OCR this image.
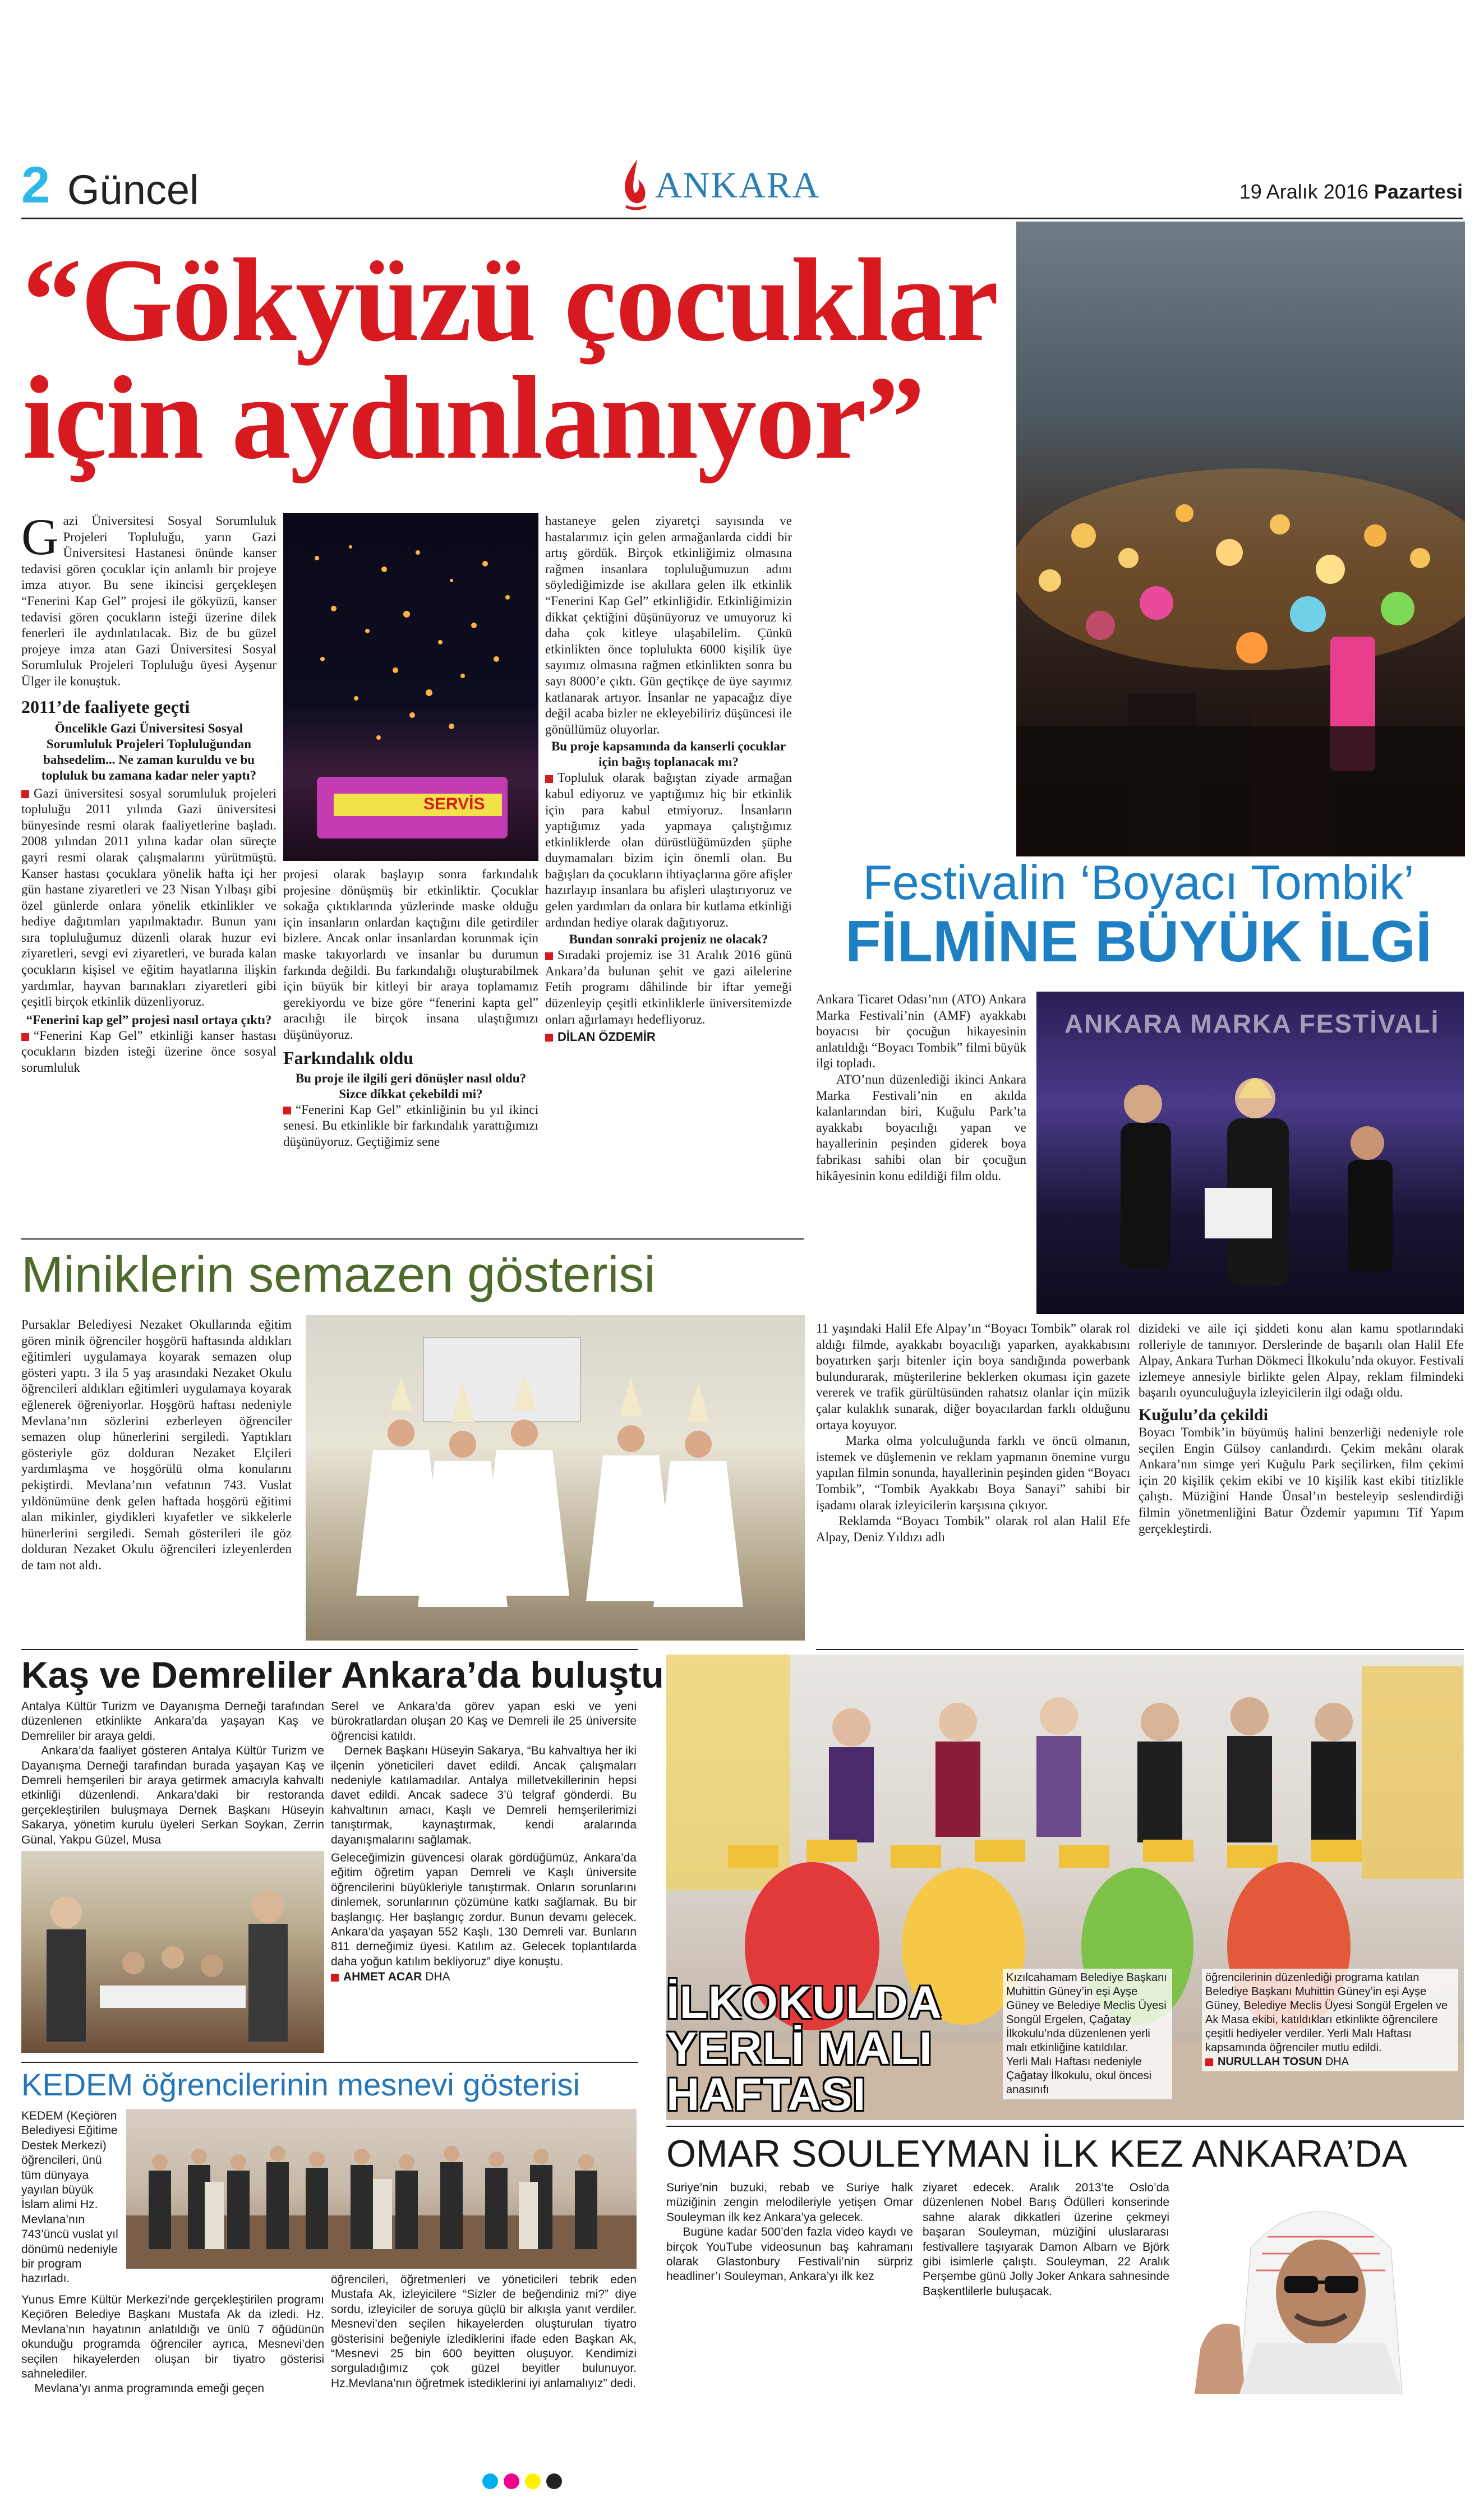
2 Güncel	ANKARA	19 Aralık 2016 Pazartesi
“Gökyüzü çocuklar
için aydınlanıyor”
Gazi Üniversitesi Sosyal Sorumluluk Projeleri Topluluğu, yarın Gazi Üniversitesi Hastanesi önünde kanser tedavisi gören çocuklar için anlamlı bir projeye imza atıyor. Bu sene ikincisi gerçekleşen “Fenerini Kap Gel” projesi ile gökyüzü, kanser tedavisi gören çocukların isteği üzerine dilek fenerleri ile aydınlatılacak. Biz de bu güzel projeye imza atan Gazi Üniversitesi Sosyal Sorumluluk Projeleri Topluluğu üyesi Ayşenur Ülger ile konuştuk.
2011’de faaliyete geçti
Öncelikle Gazi Üniversitesi Sosyal Sorumluluk Projeleri Topluluğundan bahsedelim... Ne zaman kuruldu ve bu topluluk bu zamana kadar neler yaptı?
Gazi üniversitesi sosyal sorumluluk projeleri topluluğu 2011 yılında Gazi üniversitesi bünyesinde resmi olarak faaliyetlerine başladı. 2008 yılından 2011 yılına kadar olan süreçte gayri resmi olarak çalışmalarını yürütmüştü. Kanser hastası çocuklara yönelik hafta içi her gün hastane ziyaretleri ve 23 Nisan Yılbaşı gibi özel günlerde onlara yönelik etkinlikler ve hediye dağıtımları yapılmaktadır. Bunun yanı sıra topluluğumuz düzenli olarak huzur evi ziyaretleri, sevgi evi ziyaretleri, ve burada kalan çocukların kişisel ve eğitim hayatlarına ilişkin yardımlar, hayvan barınakları ziyaretleri gibi çeşitli birçok etkinlik düzenliyoruz.
“Fenerini kap gel” projesi nasıl ortaya çıktı?
“Fenerini Kap Gel” etkinliği kanser hastası çocukların bizden isteği üzerine önce sosyal sorumluluk
SERVİS
projesi olarak başlayıp sonra farkındalık projesine dönüşmüş bir etkinliktir. Çocuklar sokağa çıktıklarında yüzlerinde maske olduğu için insanların onlardan kaçtığını dile getirdiler bizlere. Ancak onlar insanlardan korunmak için maske takıyorlardı ve insanlar bu durumun farkında değildi. Bu farkındalığı oluşturabilmek için büyük bir kitleyi bir araya toplamamız gerekiyordu ve bize göre “fenerini kapta gel” aracılığı ile birçok insana ulaştığımızı düşünüyoruz.
Farkındalık oldu
Bu proje ile ilgili geri dönüşler nasıl oldu? Sizce dikkat çekebildi mi?
“Fenerini Kap Gel” etkinliğinin bu yıl ikinci senesi. Bu etkinlikle bir farkındalık yarattığımızı düşünüyoruz. Geçtiğimiz sene
hastaneye gelen ziyaretçi sayısında ve hastalarımız için gelen armağanlarda ciddi bir artış gördük. Birçok etkinliğimiz olmasına rağmen insanlara topluluğumuzun adını söylediğimizde ise akıllara gelen ilk etkinlik “Fenerini Kap Gel” etkinliğidir. Etkinliğimizin dikkat çektiğini düşünüyoruz ve umuyoruz ki daha çok kitleye ulaşabilelim. Çünkü etkinlikten önce toplulukta 6000 kişilik üye sayımız olmasına rağmen etkinlikten sonra bu sayı 8000’e çıktı. Gün geçtikçe de üye sayımız katlanarak artıyor. İnsanlar ne yapacağız diye değil acaba bizler ne ekleyebiliriz düşüncesi ile gönüllümüz oluyorlar.
Bu proje kapsamında da kanserli çocuklar için bağış toplanacak mı?
Topluluk olarak bağıştan ziyade armağan kabul ediyoruz ve yaptığımız hiç bir etkinlik için para kabul etmiyoruz. İnsanların yaptığımız yada yapmaya çalıştığımız etkinliklerde olan dürüstlüğümüzden şüphe duymamaları bizim için önemli olan. Bu bağışları da çocukların ihtiyaçlarına göre afişler hazırlayıp insanlara bu afişleri ulaştırıyoruz ve gelen yardımları da onlara bir kutlama etkinliği ardından hediye olarak dağıtıyoruz.
Bundan sonraki projeniz ne olacak?
Sıradaki projemiz ise 31 Aralık 2016 günü Ankara’da bulunan şehit ve gazi ailelerine Fetih programı dâhilinde bir iftar yemeği düzenleyip çeşitli etkinliklerle üniversitemizde onları ağırlamayı hedefliyoruz.
DİLAN ÖZDEMİR
Festivalin ‘Boyacı Tombik’
FİLMİNE BÜYÜK İLGİ
Ankara Ticaret Odası’nın (ATO) Ankara Marka Festivali’nin (AMF) ayakkabı boyacısı bir çocuğun hikayesinin anlatıldığı “Boyacı Tombik” filmi büyük ilgi topladı.
ATO’nun düzenlediği ikinci Ankara Marka Festivali’nin en akılda kalanlarından biri, Kuğulu Park’ta ayakkabı boyacılığı yapan ve hayallerinin peşinden giderek boya fabrikası sahibi olan bir çocuğun hikâyesinin konu edildiği film oldu.
ANKARA MARKA FESTİVALİ
11 yaşındaki Halil Efe Alpay’ın “Boyacı Tombik” olarak rol aldığı filmde, ayakkabı boyacılığı yaparken, ayakkabısını boyatırken şarjı bitenler için boya sandığında powerbank bulundurarak, müşterilerine beklerken okuması için gazete vererek ve trafik gürültüsünden rahatsız olanlar için müzik çalar kulaklık sunarak, diğer boyacılardan farklı olduğunu ortaya koyuyor.
Marka olma yolculuğunda farklı ve öncü olmanın, istemek ve düşlemenin ve reklam yapmanın önemine vurgu yapılan filmin sonunda, hayallerinin peşinden giden “Boyacı Tombik”, “Tombik Ayakkabı Boya Sanayi” sahibi bir işadamı olarak izleyicilerin karşısına çıkıyor.
Reklamda “Boyacı Tombik” olarak rol alan Halil Efe Alpay, Deniz Yıldızı adlı
dizideki ve aile içi şiddeti konu alan kamu spotlarındaki rolleriyle de tanınıyor. Derslerinde de başarılı olan Halil Efe Alpay, Ankara Turhan Dökmeci İlkokulu’nda okuyor. Festivali izlemeye annesiyle birlikte gelen Alpay, reklam filmindeki başarılı oyunculuğuyla izleyicilerin ilgi odağı oldu.
Kuğulu’da çekildi
Boyacı Tombik’in büyümüş halini benzerliği nedeniyle role seçilen Engin Gülsoy canlandırdı. Çekim mekânı olarak Ankara’nın simge yeri Kuğulu Park seçilirken, film çekimi için 20 kişilik çekim ekibi ve 10 kişilik kast ekibi titizlikle çalıştı. Müziğini Hande Ünsal’ın besteleyip seslendirdiği filmin yönetmenliğini Batur Özdemir yapımını Tif Yapım gerçekleştirdi.
Miniklerin semazen gösterisi
Pursaklar Belediyesi Nezaket Okullarında eğitim gören minik öğrenciler hoşgörü haftasında aldıkları eğitimleri uygulamaya koyarak semazen olup gösteri yaptı. 3 ila 5 yaş arasındaki Nezaket Okulu öğrencileri aldıkları eğitimleri uygulamaya koyarak eğlenerek öğreniyorlar. Hoşgörü haftası nedeniyle Mevlana’nın sözlerini ezberleyen öğrenciler semazen olup hünerlerini sergiledi. Yaptıkları gösteriyle göz dolduran Nezaket Elçileri yardımlaşma ve hoşgörülü olma konularını pekiştirdi. Mevlana’nın vefatının 743. Vuslat yıldönümüne denk gelen haftada hoşgörü eğitimi alan mikinler, giydikleri kıyafetler ve sikkelerle hünerlerini sergiledi. Semah gösterileri ile göz dolduran Nezaket Okulu öğrencileri izleyenlerden de tam not aldı.
Kaş ve Demreliler Ankara’da buluştu
Antalya Kültür Turizm ve Dayanışma Derneği tarafından düzenlenen etkinlikte Ankara’da yaşayan Kaş ve Demreliler bir araya geldi.
Ankara’da faaliyet gösteren Antalya Kültür Turizm ve Dayanışma Derneği tarafından burada yaşayan Kaş ve Demreli hemşerileri bir araya getirmek amacıyla kahvaltı etkinliği düzenlendi. Ankara’daki bir restoranda gerçekleştirilen buluşmaya Dernek Başkanı Hüseyin Sakarya, yönetim kurulu üyeleri Serkan Soykan, Zerrin Günal, Yakpu Güzel, Musa
Serel ve Ankara’da görev yapan eski ve yeni bürokratlardan oluşan 20 Kaş ve Demreli ile 25 üniversite öğrencisi katıldı.
Dernek Başkanı Hüseyin Sakarya, “Bu kahvaltıya her iki ilçenin yöneticileri davet edildi. Ancak çalışmaları nedeniyle katılamadılar. Antalya milletvekillerinin hepsi davet edildi. Ancak sadece 3’ü telgraf gönderdi. Bu kahvaltının amacı, Kaşlı ve Demreli hemşerilerimizi tanıştırmak, kaynaştırmak, kendi aralarında dayanışmalarını sağlamak.
Geleceğimizin güvencesi olarak gördüğümüz, Ankara’da eğitim öğretim yapan Demreli ve Kaşlı üniversite öğrencilerini büyükleriyle tanıştırmak. Onların sorunlarını dinlemek, sorunlarının çözümüne katkı sağlamak. Bu bir başlangıç. Her başlangıç zordur. Bunun devamı gelecek. Ankara’da yaşayan 552 Kaşlı, 130 Demreli var. Bunların 811 derneğimiz üyesi. Katılım az. Gelecek toplantılarda daha yoğun katılım bekliyoruz” diye konuştu.
AHMET ACAR DHA
KEDEM öğrencilerinin mesnevi gösterisi
KEDEM (Keçiören Belediyesi Eğitime Destek Merkezi) öğrencileri, ünü tüm dünyaya yayılan büyük İslam alimi Hz. Mevlana’nın 743’üncü vuslat yıl dönümü nedeniyle bir program hazırladı.
Yunus Emre Kültür Merkezi’nde gerçekleştirilen programı Keçiören Belediye Başkanı Mustafa Ak da izledi. Hz. Mevlana’nın hayatının anlatıldığı ve ünlü 7 öğüdünün okunduğu programda öğrenciler ayrıca, Mesnevi’den seçilen hikayelerden oluşan bir tiyatro gösterisi sahnelediler.
Mevlana’yı anma programında emeği geçen
öğrencileri, öğretmenleri ve yöneticileri tebrik eden Mustafa Ak, izleyicilere “Sizler de beğendiniz mi?” diye sordu, izleyiciler de soruya güçlü bir alkışla yanıt verdiler. Mesnevi’den seçilen hikayelerden oluşturulan tiyatro gösterisini beğeniyle izlediklerini ifade eden Başkan Ak, “Mesnevi 25 bin 600 beyitten oluşuyor. Kendimizi sorguladığımız çok güzel beyitler bulunuyor. Hz.Mevlana’nın öğretmek istediklerini iyi anlamalıyız” dedi.
İLKOKULDA
YERLİ MALI
HAFTASI
Kızılcahamam Belediye Başkanı Muhittin Güney’in eşi Ayşe Güney ve Belediye Meclis Üyesi Songül Ergelen, Çağatay İlkokulu’nda düzenlenen yerli malı etkinliğine katıldılar.
Yerli Malı Haftası nedeniyle Çağatay İlkokulu, okul öncesi anasınıfı
öğrencilerinin düzenlediği programa katılan Belediye Başkanı Muhittin Güney’in eşi Ayşe Güney, Belediye Meclis Üyesi Songül Ergelen ve Ak Masa ekibi, katıldıkları etkinlikte öğrencilere çeşitli hediyeler verdiler. Yerli Malı Haftası kapsamında öğrenciler mutlu edildi.
NURULLAH TOSUN DHA
OMAR SOULEYMAN İLK KEZ ANKARA’DA
Suriye’nin buzuki, rebab ve Suriye halk müziğinin zengin melodileriyle yetişen Omar Souleyman ilk kez Ankara’ya gelecek.
Bugüne kadar 500’den fazla video kaydı ve birçok YouTube videosunun baş kahramanı olarak Glastonbury Festivali’nin sürpriz headliner’ı Souleyman, Ankara’yı ilk kez
ziyaret edecek. Aralık 2013’te Oslo’da düzenlenen Nobel Barış Ödülleri konserinde sahne alarak dikkatleri üzerine çekmeyi başaran Souleyman, müziğini uluslararası festivallere taşıyarak Damon Albarn ve Björk gibi isimlerle çalıştı. Souleyman, 22 Aralık Perşembe günü Jolly Joker Ankara sahnesinde Başkentlilerle buluşacak.
